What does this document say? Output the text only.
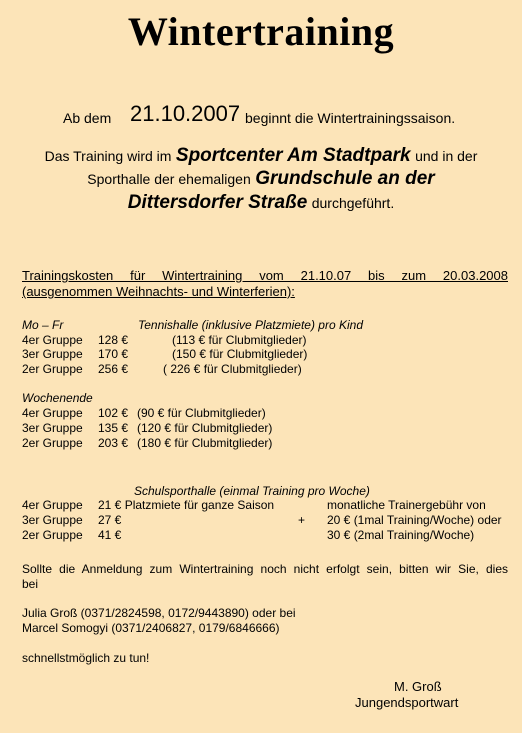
Wintertraining
Ab dem 21.10.2007 beginnt die Wintertrainingssaison.
Das Training wird im Sportcenter Am Stadtpark und in der
Sporthalle der ehemaligen Grundschule an der
Dittersdorfer Straße durchgeführt.
Trainingskosten für Wintertraining vom 21.10.07 bis zum 20.03.2008
(ausgenommen Weihnachts- und Winterferien):
Mo – Fr	Tennishalle (inklusive Platzmiete) pro Kind
4er Gruppe 128 €	(113 € für Clubmitglieder)
3er Gruppe 170 €	(150 € für Clubmitglieder)
2er Gruppe 256 €	( 226 € für Clubmitglieder)
Wochenende
4er Gruppe 102 € (90 € für Clubmitglieder)
3er Gruppe 135 € (120 € für Clubmitglieder)
2er Gruppe 203 € (180 € für Clubmitglieder)
Schulsporthalle (einmal Training pro Woche)
4er Gruppe 21 € Platzmiete für ganze Saison	monatliche Trainergebühr von
3er Gruppe 27 €	+ 20 € (1mal Training/Woche) oder
2er Gruppe 41 €	30 € (2mal Training/Woche)
Sollte die Anmeldung zum Wintertraining noch nicht erfolgt sein, bitten wir Sie, dies
bei
Julia Groß (0371/2824598, 0172/9443890) oder bei
Marcel Somogyi (0371/2406827, 0179/6846666)
schnellstmöglich zu tun!
M. Groß
Jungendsportwart
